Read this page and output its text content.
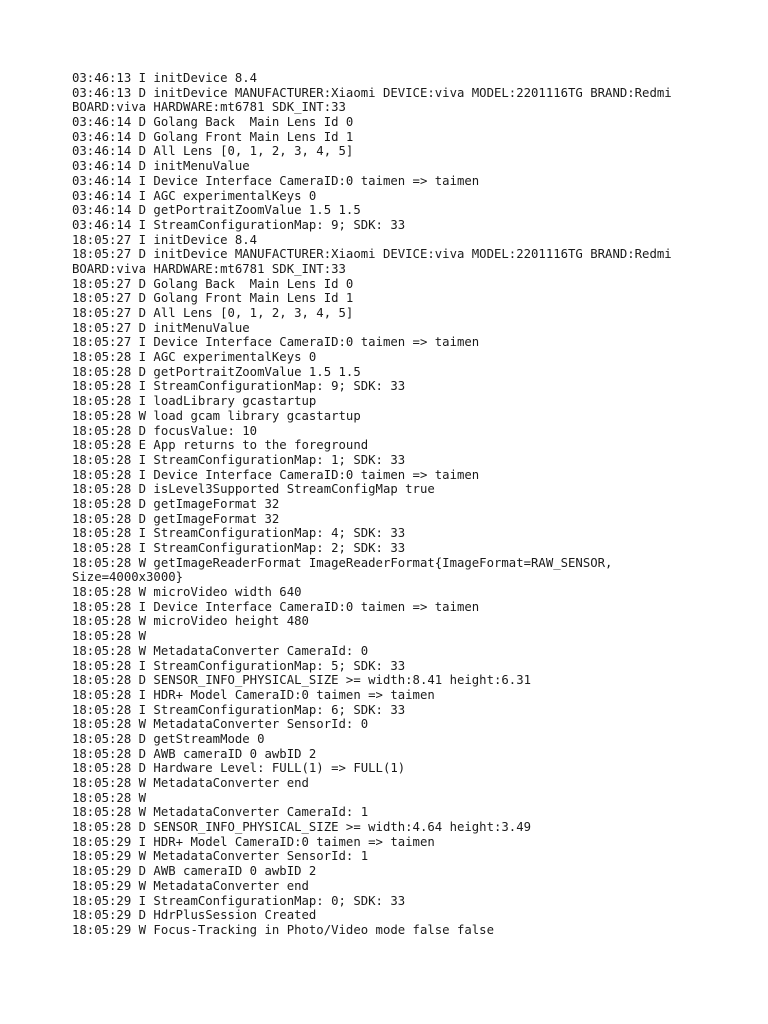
03:46:13 I initDevice 8.4
03:46:13 D initDevice MANUFACTURER:Xiaomi DEVICE:viva MODEL:2201116TG BRAND:Redmi
BOARD:viva HARDWARE:mt6781 SDK_INT:33
03:46:14 D Golang Back  Main Lens Id 0
03:46:14 D Golang Front Main Lens Id 1
03:46:14 D All Lens [0, 1, 2, 3, 4, 5]
03:46:14 D initMenuValue
03:46:14 I Device Interface CameraID:0 taimen => taimen
03:46:14 I AGC experimentalKeys 0
03:46:14 D getPortraitZoomValue 1.5 1.5
03:46:14 I StreamConfigurationMap: 9; SDK: 33
18:05:27 I initDevice 8.4
18:05:27 D initDevice MANUFACTURER:Xiaomi DEVICE:viva MODEL:2201116TG BRAND:Redmi
BOARD:viva HARDWARE:mt6781 SDK_INT:33
18:05:27 D Golang Back  Main Lens Id 0
18:05:27 D Golang Front Main Lens Id 1
18:05:27 D All Lens [0, 1, 2, 3, 4, 5]
18:05:27 D initMenuValue
18:05:27 I Device Interface CameraID:0 taimen => taimen
18:05:28 I AGC experimentalKeys 0
18:05:28 D getPortraitZoomValue 1.5 1.5
18:05:28 I StreamConfigurationMap: 9; SDK: 33
18:05:28 I loadLibrary gcastartup
18:05:28 W load gcam library gcastartup
18:05:28 D focusValue: 10
18:05:28 E App returns to the foreground
18:05:28 I StreamConfigurationMap: 1; SDK: 33
18:05:28 I Device Interface CameraID:0 taimen => taimen
18:05:28 D isLevel3Supported StreamConfigMap true
18:05:28 D getImageFormat 32
18:05:28 D getImageFormat 32
18:05:28 I StreamConfigurationMap: 4; SDK: 33
18:05:28 I StreamConfigurationMap: 2; SDK: 33
18:05:28 W getImageReaderFormat ImageReaderFormat{ImageFormat=RAW_SENSOR,
Size=4000x3000}
18:05:28 W microVideo width 640
18:05:28 I Device Interface CameraID:0 taimen => taimen
18:05:28 W microVideo height 480
18:05:28 W
18:05:28 W MetadataConverter CameraId: 0
18:05:28 I StreamConfigurationMap: 5; SDK: 33
18:05:28 D SENSOR_INFO_PHYSICAL_SIZE >= width:8.41 height:6.31
18:05:28 I HDR+ Model CameraID:0 taimen => taimen
18:05:28 I StreamConfigurationMap: 6; SDK: 33
18:05:28 W MetadataConverter SensorId: 0
18:05:28 D getStreamMode 0
18:05:28 D AWB cameraID 0 awbID 2
18:05:28 D Hardware Level: FULL(1) => FULL(1)
18:05:28 W MetadataConverter end
18:05:28 W
18:05:28 W MetadataConverter CameraId: 1
18:05:28 D SENSOR_INFO_PHYSICAL_SIZE >= width:4.64 height:3.49
18:05:29 I HDR+ Model CameraID:0 taimen => taimen
18:05:29 W MetadataConverter SensorId: 1
18:05:29 D AWB cameraID 0 awbID 2
18:05:29 W MetadataConverter end
18:05:29 I StreamConfigurationMap: 0; SDK: 33
18:05:29 D HdrPlusSession Created
18:05:29 W Focus-Tracking in Photo/Video mode false false
